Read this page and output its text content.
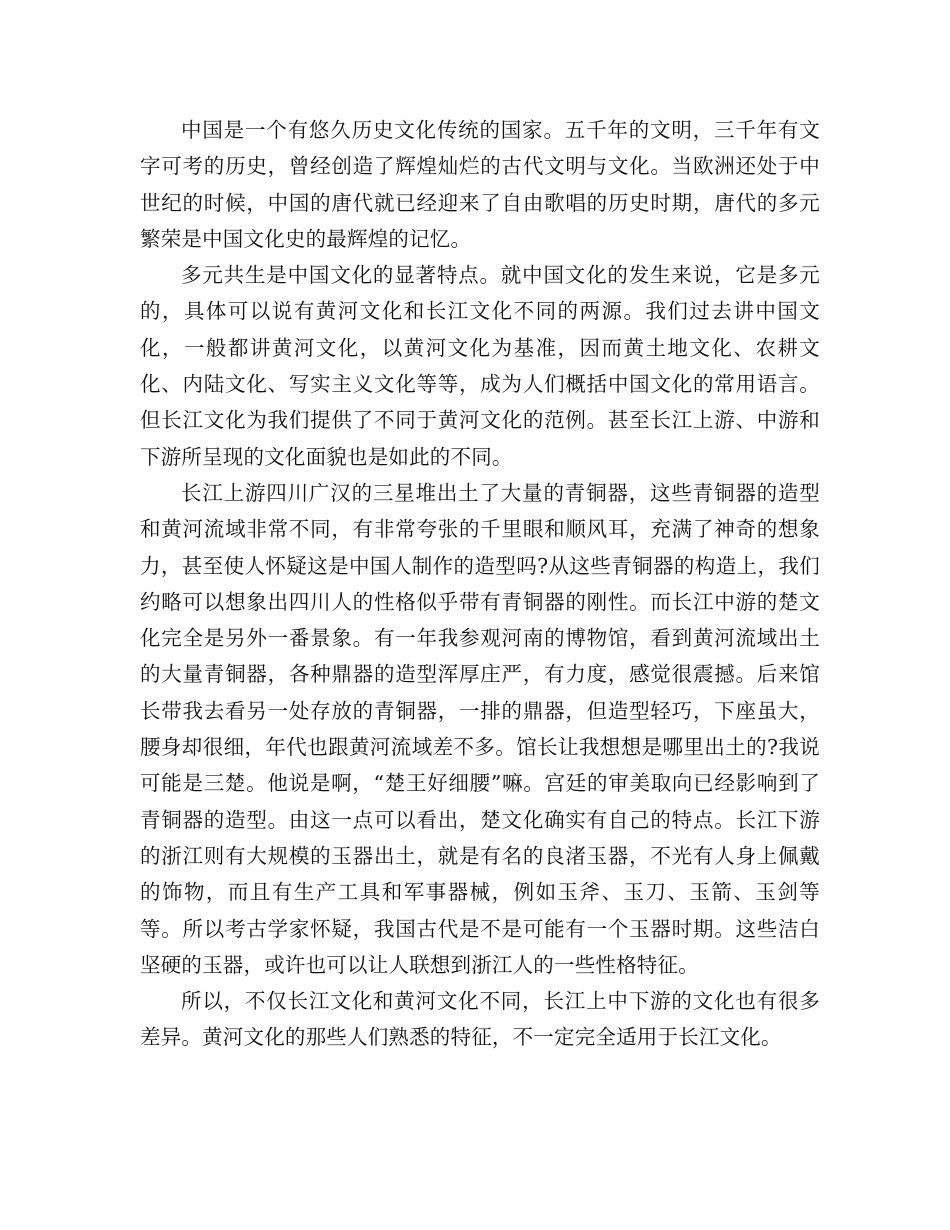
中国是一个有悠久历史文化传统的国家。五千年的文明，三千年有文字可考的历史，曾经创造了辉煌灿烂的古代文明与文化。当欧洲还处于中世纪的时候，中国的唐代就已经迎来了自由歌唱的历史时期，唐代的多元繁荣是中国文化史的最辉煌的记忆。

多元共生是中国文化的显著特点。就中国文化的发生来说，它是多元的，具体可以说有黄河文化和长江文化不同的两源。我们过去讲中国文化，一般都讲黄河文化，以黄河文化为基准，因而黄土地文化、农耕文化、内陆文化、写实主义文化等等，成为人们概括中国文化的常用语言。但长江文化为我们提供了不同于黄河文化的范例。甚至长江上游、中游和下游所呈现的文化面貌也是如此的不同。

长江上游四川广汉的三星堆出土了大量的青铜器，这些青铜器的造型和黄河流域非常不同，有非常夸张的千里眼和顺风耳，充满了神奇的想象力，甚至使人怀疑这是中国人制作的造型吗?从这些青铜器的构造上，我们约略可以想象出四川人的性格似乎带有青铜器的刚性。而长江中游的楚文化完全是另外一番景象。有一年我参观河南的博物馆，看到黄河流域出土的大量青铜器，各种鼎器的造型浑厚庄严，有力度，感觉很震撼。后来馆长带我去看另一处存放的青铜器，一排的鼎器，但造型轻巧，下座虽大，腰身却很细，年代也跟黄河流域差不多。馆长让我想想是哪里出土的?我说可能是三楚。他说是啊，“楚王好细腰”嘛。宫廷的审美取向已经影响到了青铜器的造型。由这一点可以看出，楚文化确实有自己的特点。长江下游的浙江则有大规模的玉器出土，就是有名的良渚玉器，不光有人身上佩戴的饰物，而且有生产工具和军事器械，例如玉斧、玉刀、玉箭、玉剑等等。所以考古学家怀疑，我国古代是不是可能有一个玉器时期。这些洁白坚硬的玉器，或许也可以让人联想到浙江人的一些性格特征。

所以，不仅长江文化和黄河文化不同，长江上中下游的文化也有很多差异。黄河文化的那些人们熟悉的特征，不一定完全适用于长江文化。
